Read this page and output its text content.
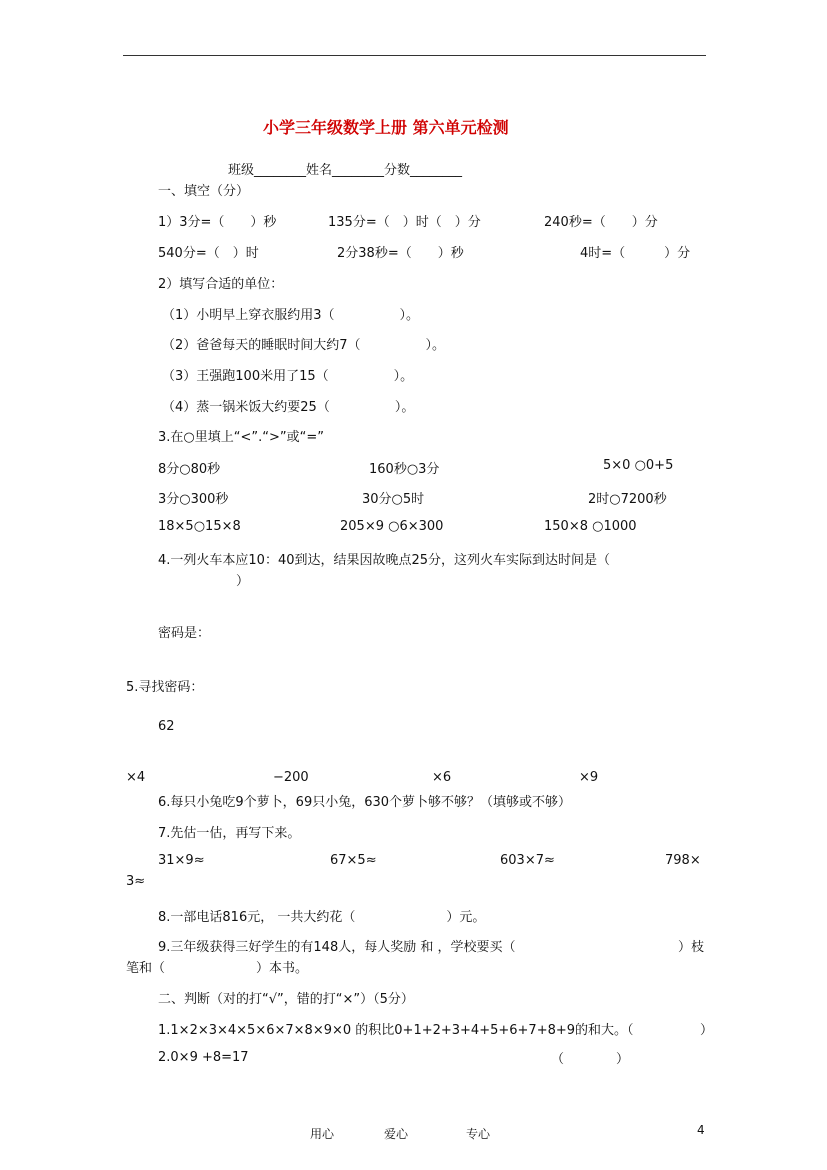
小学三年级数学上册 第六单元检测
班级________姓名________分数________
一、填空（分）
1）3分=（　　）秒	135分=（　）时（　）分	240秒=（　　）分
540分=（　）时	2分38秒=（　　）秒	4时=（　　　）分
2）填写合适的单位：
（1）小明早上穿衣服约用3（　　　　　）。
（2）爸爸每天的睡眠时间大约7（　　　　　）。
（3）王强跑100米用了15（　　　　　）。
（4）蒸一锅米饭大约要25（　　　　　）。
3.在○里填上“<”.“>”或“=”
8分○80秒	160秒○3分	5×0 ○0+5
3分○300秒	30分○5时	2时○7200秒
18×5○15×8	205×9 ○6×300	150×8 ○1000
4.一列火车本应10：40到达，结果因故晚点25分，这列火车实际到达时间是（
）
密码是：
5.寻找密码：
62
×4	−200	×6	×9
6.每只小兔吃9个萝卜，69只小兔，630个萝卜够不够？（填够或不够）
7.先估一估，再写下来。
31×9≈	67×5≈	603×7≈	798×
3≈
8.一部电话816元， 一共大约花（　　　　　　　）元。
9.三年级获得三好学生的有148人，每人奖励 和 ，学校要买（	）枝
笔和（　　　　　　　）本书。
二、判断（对的打“√”，错的打“×”）（5分）
1.1×2×3×4×5×6×7×8×9×0 的积比0+1+2+3+4+5+6+7+8+9的和大。（	）
2.0×9 +8=17	（　　　　）
用心	爱心	专心	4
